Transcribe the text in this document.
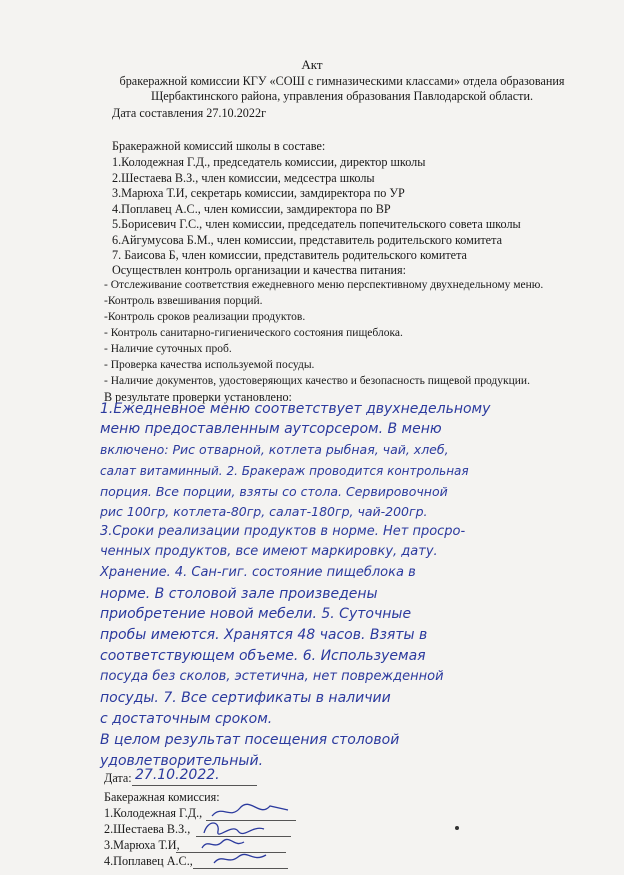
Акт
бракеражной комиссии КГУ «СОШ с гимназическими классами» отдела образования
Щербактинского района, управления образования Павлодарской области.
Дата составления 27.10.2022г
Бракеражной комиссий школы в составе:
1.Колодежная Г.Д., председатель комиссии, директор школы
2.Шестаева В.З., член комиссии, медсестра школы
3.Марюха Т.И, секретарь комиссии, замдиректора по УР
4.Поплавец А.С., член комиссии, замдиректора по ВР
5.Борисевич Г.С., член комиссии, председатель попечительского совета школы
6.Айгумусова Б.М., член комиссии, представитель родительского комитета
7. Баисова Б, член комиссии, представитель родительского комитета
Осуществлен контроль организации и качества питания:
- Отслеживание соответствия ежедневного меню перспективному двухнедельному меню.
-Контроль взвешивания порций.
-Контроль сроков реализации продуктов.
- Контроль санитарно-гигиенического состояния пищеблока.
- Наличие суточных проб.
- Проверка качества используемой посуды.
- Наличие документов, удостоверяющих качество и безопасность пищевой продукции.
В результате проверки установлено:
1.Ежедневное меню соответствует двухнедельному
меню предоставленным аутсорсером. В меню
включено: Рис отварной, котлета рыбная, чай, хлеб,
салат витаминный. 2. Бракераж проводится контрольная
порция. Все порции, взяты со стола. Сервировочной
рис 100гр, котлета-80гр, салат-180гр, чай-200гр.
3.Сроки реализации продуктов в норме. Нет просро-
ченных продуктов, все имеют маркировку, дату.
Хранение. 4. Сан-гиг. состояние пищеблока в
норме. В столовой зале произведены
приобретение новой мебели. 5. Суточные
пробы имеются. Хранятся 48 часов. Взяты в
соответствующем объеме. 6. Используемая
посуда без сколов, эстетична, нет поврежденной
посуды. 7. Все сертификаты в наличии
с достаточным сроком.
В целом результат посещения столовой
удовлетворительный.
Дата: 27.10.2022.
Бакеражная комиссия:
1.Колодежная Г.Д.,
2.Шестаева В.З.,
3.Марюха Т.И,
4.Поплавец А.С.,
